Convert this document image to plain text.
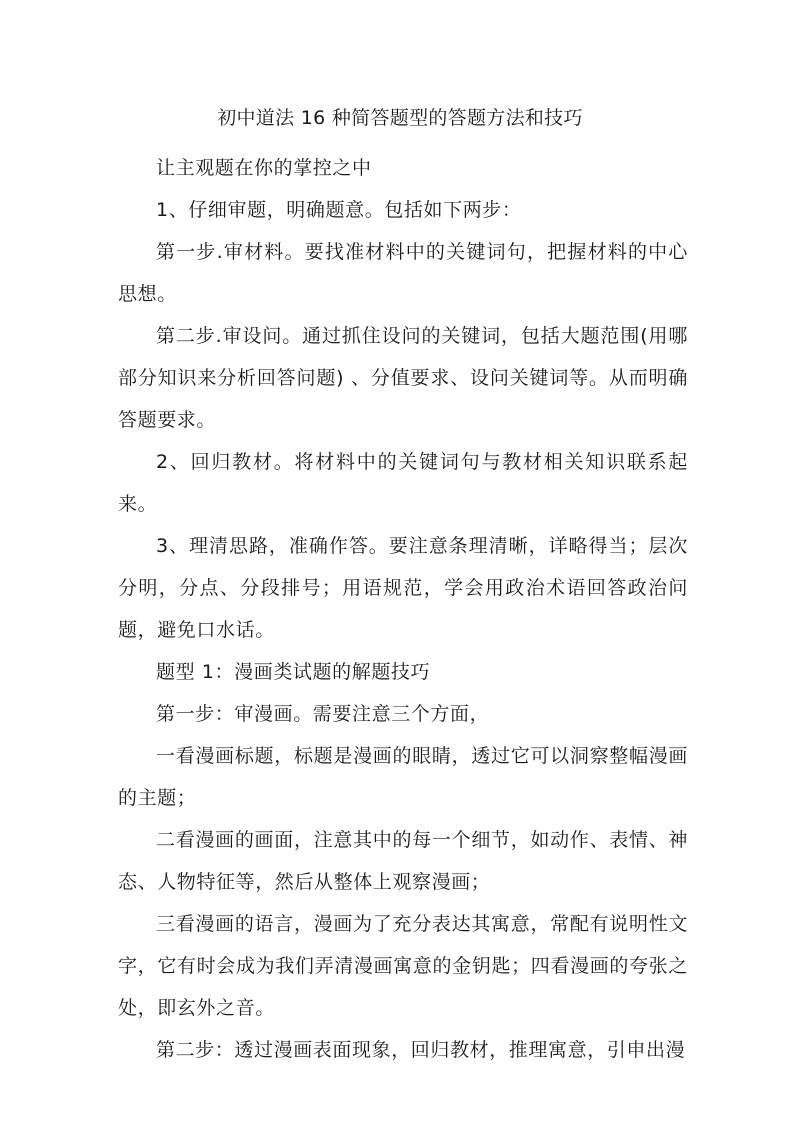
初中道法 16 种简答题型的答题方法和技巧

让主观题在你的掌控之中

1、仔细审题，明确题意。包括如下两步：

第一步.审材料。要找准材料中的关键词句，把握材料的中心思想。

第二步.审设问。通过抓住设问的关键词，包括大题范围(用哪部分知识来分析回答问题) 、分值要求、设问关键词等。从而明确答题要求。

2、回归教材。将材料中的关键词句与教材相关知识联系起来。

3、理清思路，准确作答。要注意条理清晰，详略得当；层次分明，分点、分段排号；用语规范，学会用政治术语回答政治问题，避免口水话。

题型 1：漫画类试题的解题技巧

第一步：审漫画。需要注意三个方面，

一看漫画标题，标题是漫画的眼睛，透过它可以洞察整幅漫画的主题；

二看漫画的画面，注意其中的每一个细节，如动作、表情、神态、人物特征等，然后从整体上观察漫画；

三看漫画的语言，漫画为了充分表达其寓意，常配有说明性文字，它有时会成为我们弄清漫画寓意的金钥匙；四看漫画的夸张之处，即玄外之音。

第二步：透过漫画表面现象，回归教材，推理寓意，引申出漫
